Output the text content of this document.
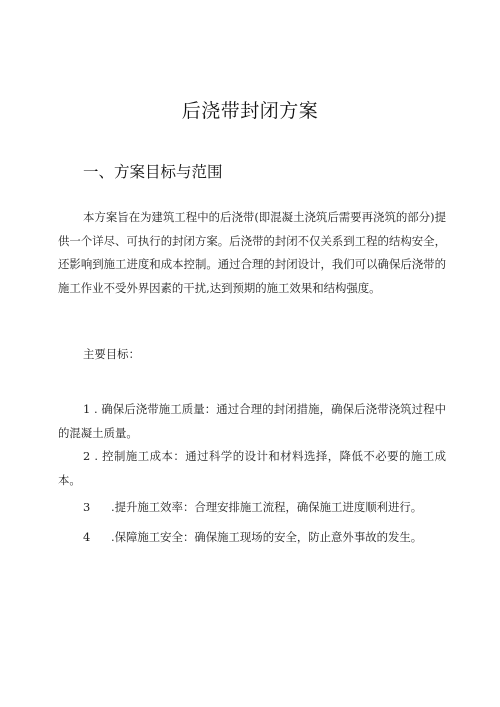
后浇带封闭方案
一、方案目标与范围
本方案旨在为建筑工程中的后浇带(即混凝土浇筑后需要再浇筑的部分)提供一个详尽、可执行的封闭方案。后浇带的封闭不仅关系到工程的结构安全，还影响到施工进度和成本控制。通过合理的封闭设计，我们可以确保后浇带的施工作业不受外界因素的干扰,达到预期的施工效果和结构强度。
主要目标：
1 . 确保后浇带施工质量：通过合理的封闭措施，确保后浇带浇筑过程中的混凝土质量。
2 . 控制施工成本：通过科学的设计和材料选择，降低不必要的施工成本。
3 .提升施工效率：合理安排施工流程，确保施工进度顺利进行。
4 .保障施工安全：确保施工现场的安全，防止意外事故的发生。
